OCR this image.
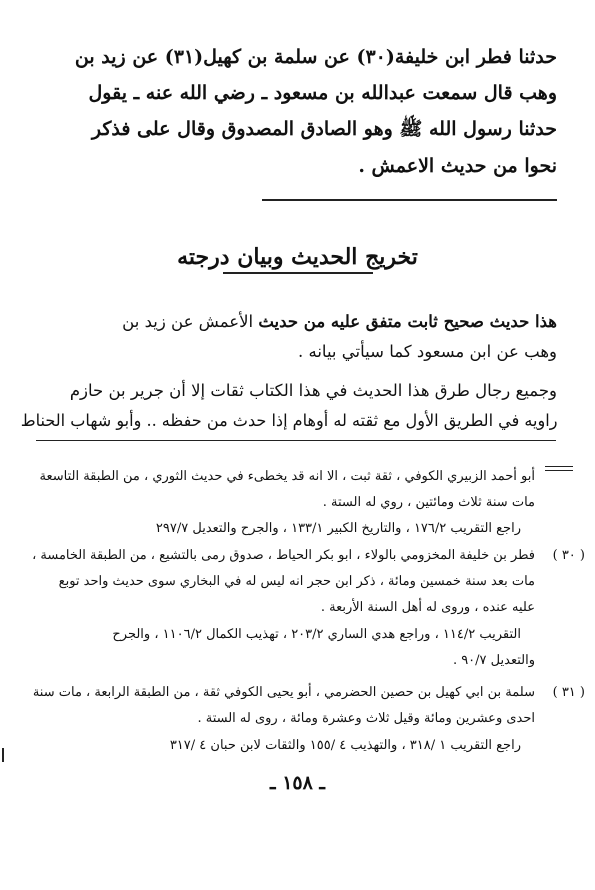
حدثنا فطر ابن خليفة(٣٠) عن سلمة بن كهيل(٣١) عن زيد بن
وهب قال سمعت عبدالله بن مسعود ـ رضي الله عنه ـ يقول
حدثنا رسول الله ﷺ وهو الصادق المصدوق وقال على فذكر
نحوا من حديث الاعمش .
تخريج الحديث وبيان درجته
هذا حديث صحيح ثابت متفق عليه من حديث الأعمش عن زيد بن
وهب عن ابن مسعود كما سيأتي بيانه .
وجميع رجال طرق هذا الحديث في هذا الكتاب ثقات إلا أن جرير بن حازم
راويه في الطريق الأول مع ثقته له أوهام إذا حدث من حفظه .. وأبو شهاب الحناط
أبو أحمد الزبيري الكوفي ، ثقة ثبت ، الا انه قد يخطىء في حديث الثوري ، من الطبقة التاسعة
مات سنة ثلاث ومائتين ، روي له الستة .
راجع التقريب ١٧٦/٢ ، والتاريخ الكبير ١٣٣/١ ، والجرح والتعديل ٢٩٧/٧
( ٣٠ )
فطر بن خليفة المخزومي بالولاء ، ابو بكر الحياط ، صدوق رمى بالتشيع ، من الطبقة الخامسة ،
مات بعد سنة خمسين ومائة ، ذكر ابن حجر انه ليس له في البخاري سوى حديث واحد توبع
عليه عنده ، وروى له أهل السنة الأربعة .
التقريب ١١٤/٢ ، وراجع هدي الساري ٢٠٣/٢ ، تهذيب الكمال ١١٠٦/٢ ، والجرح
والتعديل ٩٠/٧ .
( ٣١ )
سلمة بن ابي كهيل بن حصين الحضرمي ، أبو يحيى الكوفي ثقة ، من الطبقة الرابعة ، مات سنة
احدى وعشرين ومائة وقيل ثلاث وعشرة ومائة ، روى له الستة .
راجع التقريب ١ /٣١٨ ، والتهذيب ٤ /١٥٥ والثقات لابن حبان ٤ /٣١٧
ـ ١٥٨ ـ
